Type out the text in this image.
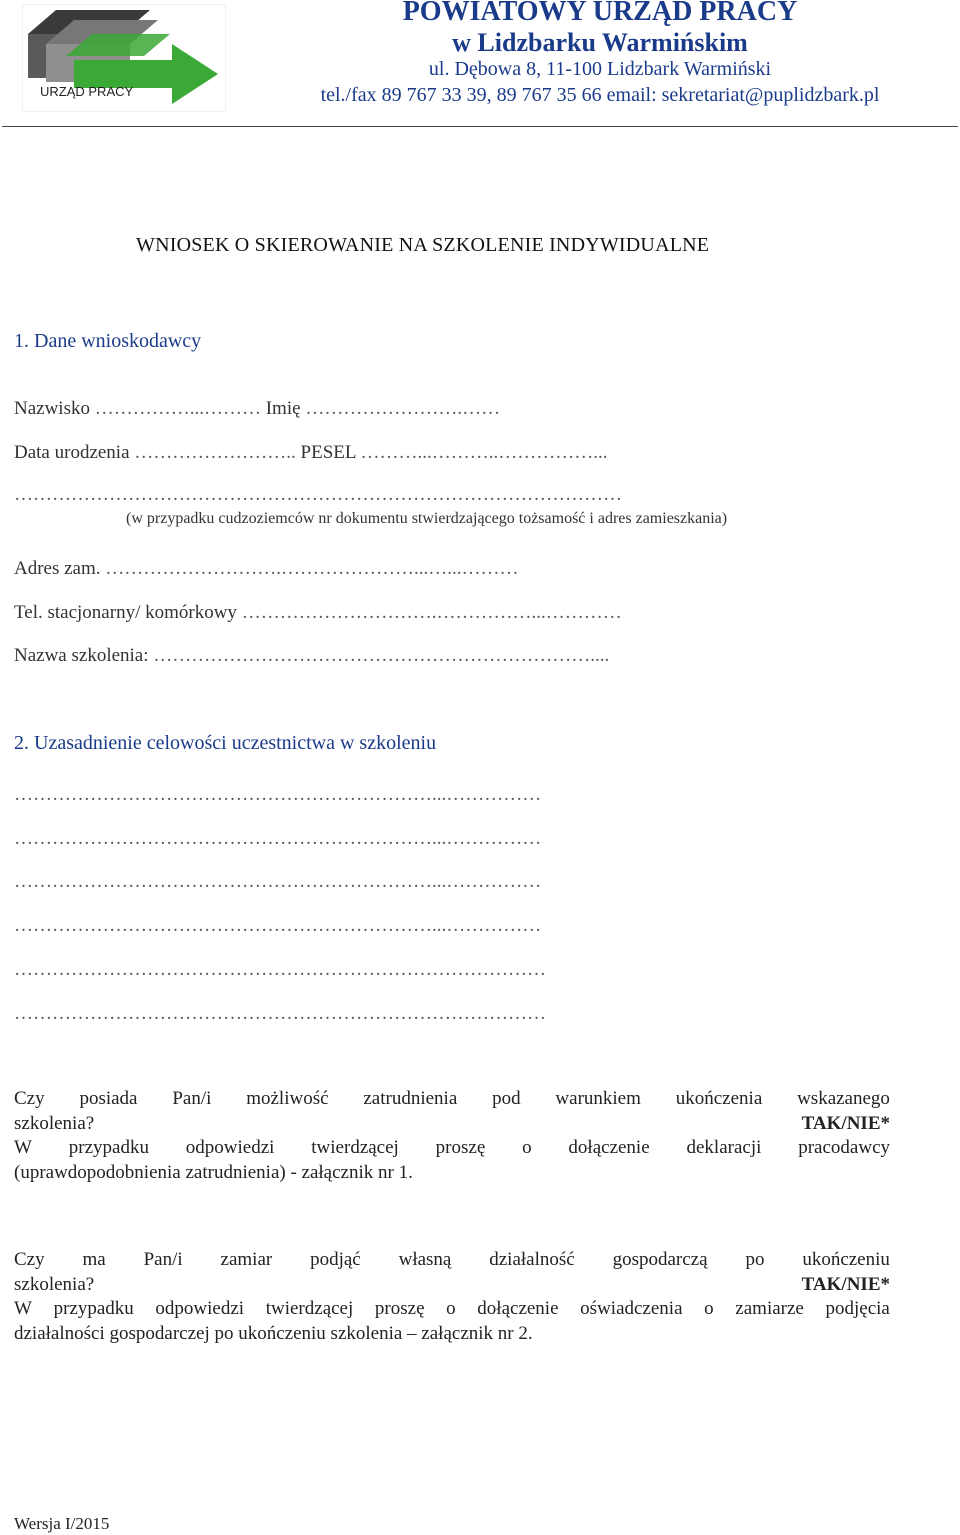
URZĄD PRACY
POWIATOWY URZĄD PRACY
w Lidzbarku Warmińskim
ul. Dębowa 8, 11-100 Lidzbark Warmiński
tel./fax 89 767 33 39, 89 767 35 66 email: sekretariat@puplidzbark.pl
WNIOSEK O SKIEROWANIE NA SZKOLENIE INDYWIDUALNE
1. Dane wnioskodawcy
Nazwisko ……………...……… Imię …………………….……
Data urodzenia …………………….. PESEL ………...………..……………...
……………………………………………………………………………………
(w przypadku cudzoziemców nr dokumentu stwierdzającego tożsamość i adres zamieszkania)
Adres zam. ……………………….…………………...…...………
Tel. stacjonarny/ komórkowy ………………………….……………...…………
Nazwa szkolenia: ……………………………………………………………....
2. Uzasadnienie celowości uczestnictwa w szkoleniu
…………………………………………………………...……………
…………………………………………………………...……………
…………………………………………………………...……………
…………………………………………………………...……………
…………………………………………………………………………
…………………………………………………………………………
Czy posiada Pan/i możliwość zatrudnienia pod warunkiem ukończenia wskazanego
szkolenia?	TAK/NIE*
W przypadku odpowiedzi twierdzącej proszę o dołączenie deklaracji pracodawcy
(uprawdopodobnienia zatrudnienia) - załącznik nr 1.
Czy ma Pan/i zamiar podjąć własną działalność gospodarczą po ukończeniu
szkolenia?	TAK/NIE*
W przypadku odpowiedzi twierdzącej proszę o dołączenie oświadczenia o zamiarze podjęcia
działalności gospodarczej po ukończeniu szkolenia – załącznik nr 2.
Wersja I/2015
